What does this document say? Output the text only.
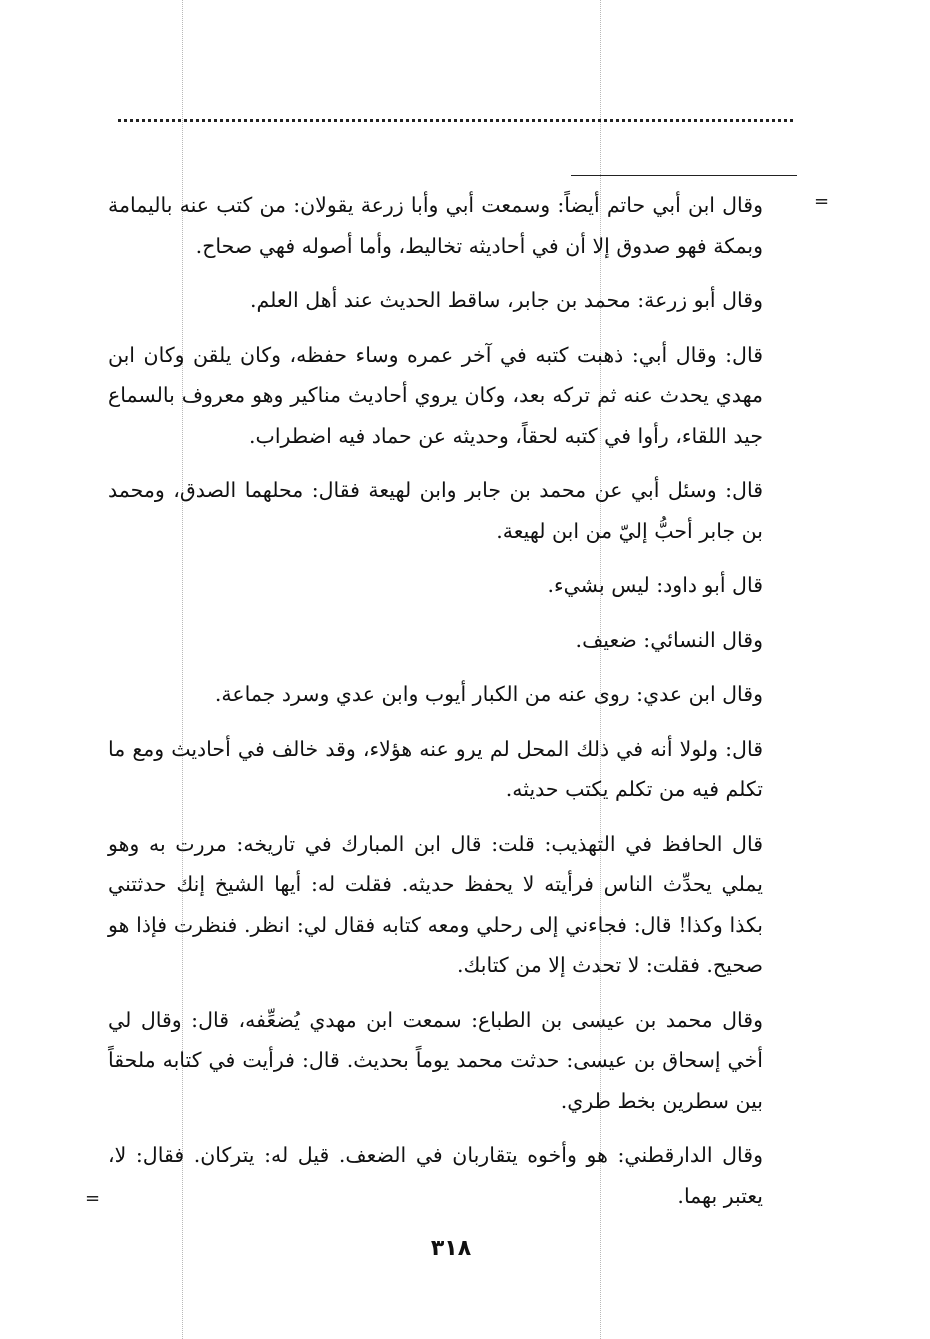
=

وقال ابن أبي حاتم أيضاً: وسمعت أبي وأبا زرعة يقولان: من كتب عنه باليمامة وبمكة فهو صدوق إلا أن في أحاديثه تخاليط، وأما أصوله فهي صحاح.

وقال أبو زرعة: محمد بن جابر، ساقط الحديث عند أهل العلم.

قال: وقال أبي: ذهبت كتبه في آخر عمره وساء حفظه، وكان يلقن وكان ابن مهدي يحدث عنه ثم تركه بعد، وكان يروي أحاديث مناكير وهو معروف بالسماع جيد اللقاء، رأوا في كتبه لحقاً، وحديثه عن حماد فيه اضطراب.

قال: وسئل أبي عن محمد بن جابر وابن لهيعة فقال: محلهما الصدق، ومحمد بن جابر أحبُّ إليّ من ابن لهيعة.

قال أبو داود: ليس بشيء.

وقال النسائي: ضعيف.

وقال ابن عدي: روى عنه من الكبار أيوب وابن عدي وسرد جماعة.

قال: ولولا أنه في ذلك المحل لم يرو عنه هؤلاء، وقد خالف في أحاديث ومع ما تكلم فيه من تكلم يكتب حديثه.

قال الحافظ في التهذيب: قلت: قال ابن المبارك في تاريخه: مررت به وهو يملي يحدِّث الناس فرأيته لا يحفظ حديثه. فقلت له: أيها الشيخ إنك حدثتني بكذا وكذا! قال: فجاءني إلى رحلي ومعه كتابه فقال لي: انظر. فنظرت فإذا هو صحيح. فقلت: لا تحدث إلا من كتابك.

وقال محمد بن عيسى بن الطباع: سمعت ابن مهدي يُضعِّفه، قال: وقال لي أخي إسحاق بن عيسى: حدثت محمد يوماً بحديث. قال: فرأيت في كتابه ملحقاً بين سطرين بخط طري.

وقال الدارقطني: هو وأخوه يتقاربان في الضعف. قيل له: يتركان. فقال: لا، يعتبر بهما.

=
٣١٨
